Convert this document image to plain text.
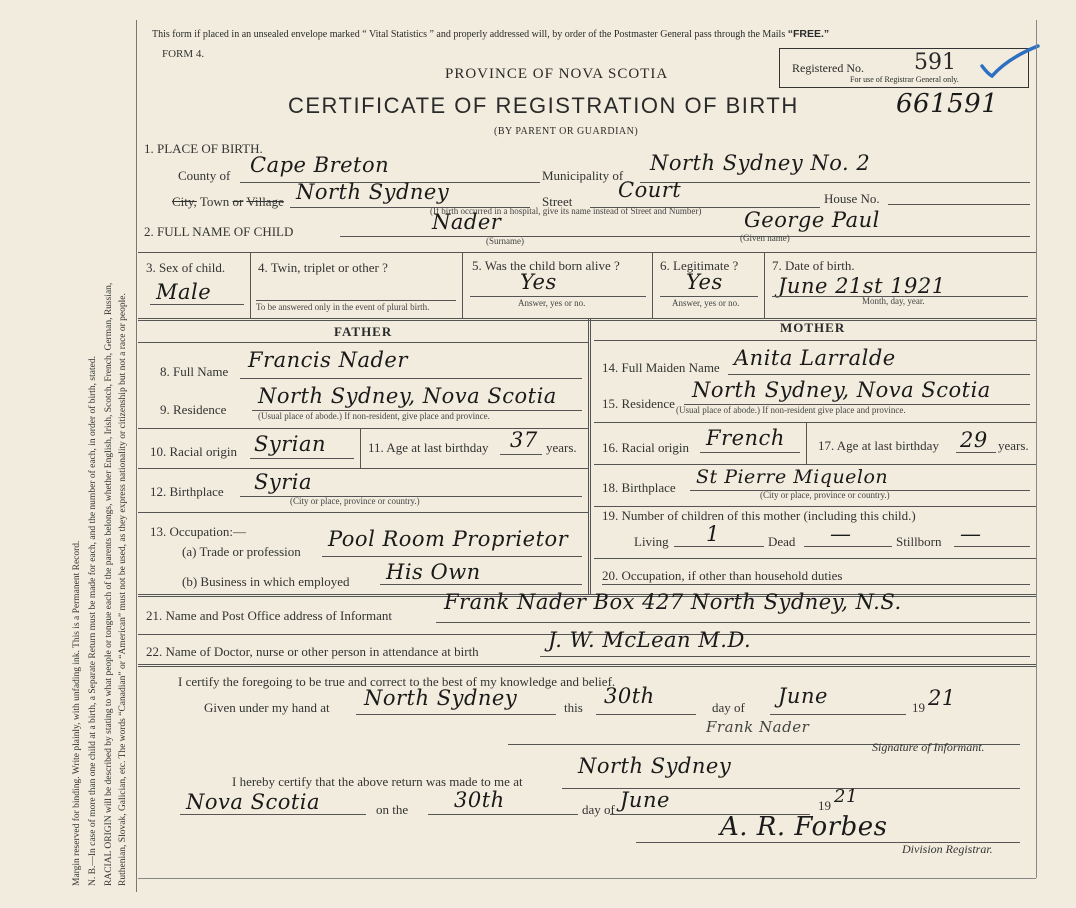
Margin reserved for binding. Write plainly, with unfading ink. This is a Permanent Record. N. B.—In case of more than one child at a birth, a Separate Return must be made for each, and the number of each, in order of birth, stated. RACIAL ORIGIN will be described by stating to what people or tongue each of the parents belongs, whether English, Irish, Scotch, French, German, Russian, Ruthenian, Slovak, Galician, etc. The words “Canadian” or “American” must not be used, as they express nationality or citizenship but not a race or people.
This form if placed in an unsealed envelope marked “ Vital Statistics ” and properly addressed will, by order of the Postmaster General pass through the Mails “FREE.”
FORM 4.
Registered No. 591
For use of Registrar General only.
PROVINCE OF NOVA SCOTIA
CERTIFICATE OF REGISTRATION OF BIRTH	661591
(BY PARENT OR GUARDIAN)
1. PLACE OF BIRTH.
County of Cape Breton	Municipality of
North Sydney No. 2
City, Town or Village North Sydney	Street Court	House No.
(If birth occurred in a hospital, give its name instead of Street and Number)
2. FULL NAME OF CHILD	Nader
(Surname)
George Paul
(Given name)
3. Sex of child.
Male
4. Twin, triplet or other ?
To be answered only in the event of plural birth.
5. Was the child born alive ?
Yes
Answer, yes or no.
6. Legitimate ?
Yes
Answer, yes or no.
7. Date of birth.
June 21st 1921
Month, day, year.
FATHER	MOTHER
8. Full Name Francis Nader
9. Residence
North Sydney, Nova Scotia
(Usual place of abode.) If non-resident, give place and province.
10. Racial origin Syrian	11. Age at last birthday 37 years.
12. Birthplace Syria
(City or place, province or country.)
13. Occupation:—
(a) Trade or profession
Pool Room Proprietor
(b) Business in which employed His Own
14. Full Maiden Name Anita Larralde
15. Residence
North Sydney, Nova Scotia
(Usual place of abode.) If non-resident give place and province.
16. Racial origin French	17. Age at last birthday 29 years.
18. Birthplace St Pierre Miquelon
(City or place, province or country.)
19. Number of children of this mother (including this child.)
Living 1	Dead —	Stillborn —
20. Occupation, if other than household duties
21. Name and Post Office address of Informant
Frank Nader Box 427 North Sydney, N.S.
22. Name of Doctor, nurse or other person in attendance at birth	J. W. McLean M.D.
I certify the foregoing to be true and correct to the best of my knowledge and belief.
Given under my hand at North Sydney	this 30th	day of June	19 21
Frank Nader
Signature of Informant.
I hereby certify that the above return was made to me at
North Sydney
Nova Scotia	on the 30th	day of June	19 21
A. R. Forbes
Division Registrar.
